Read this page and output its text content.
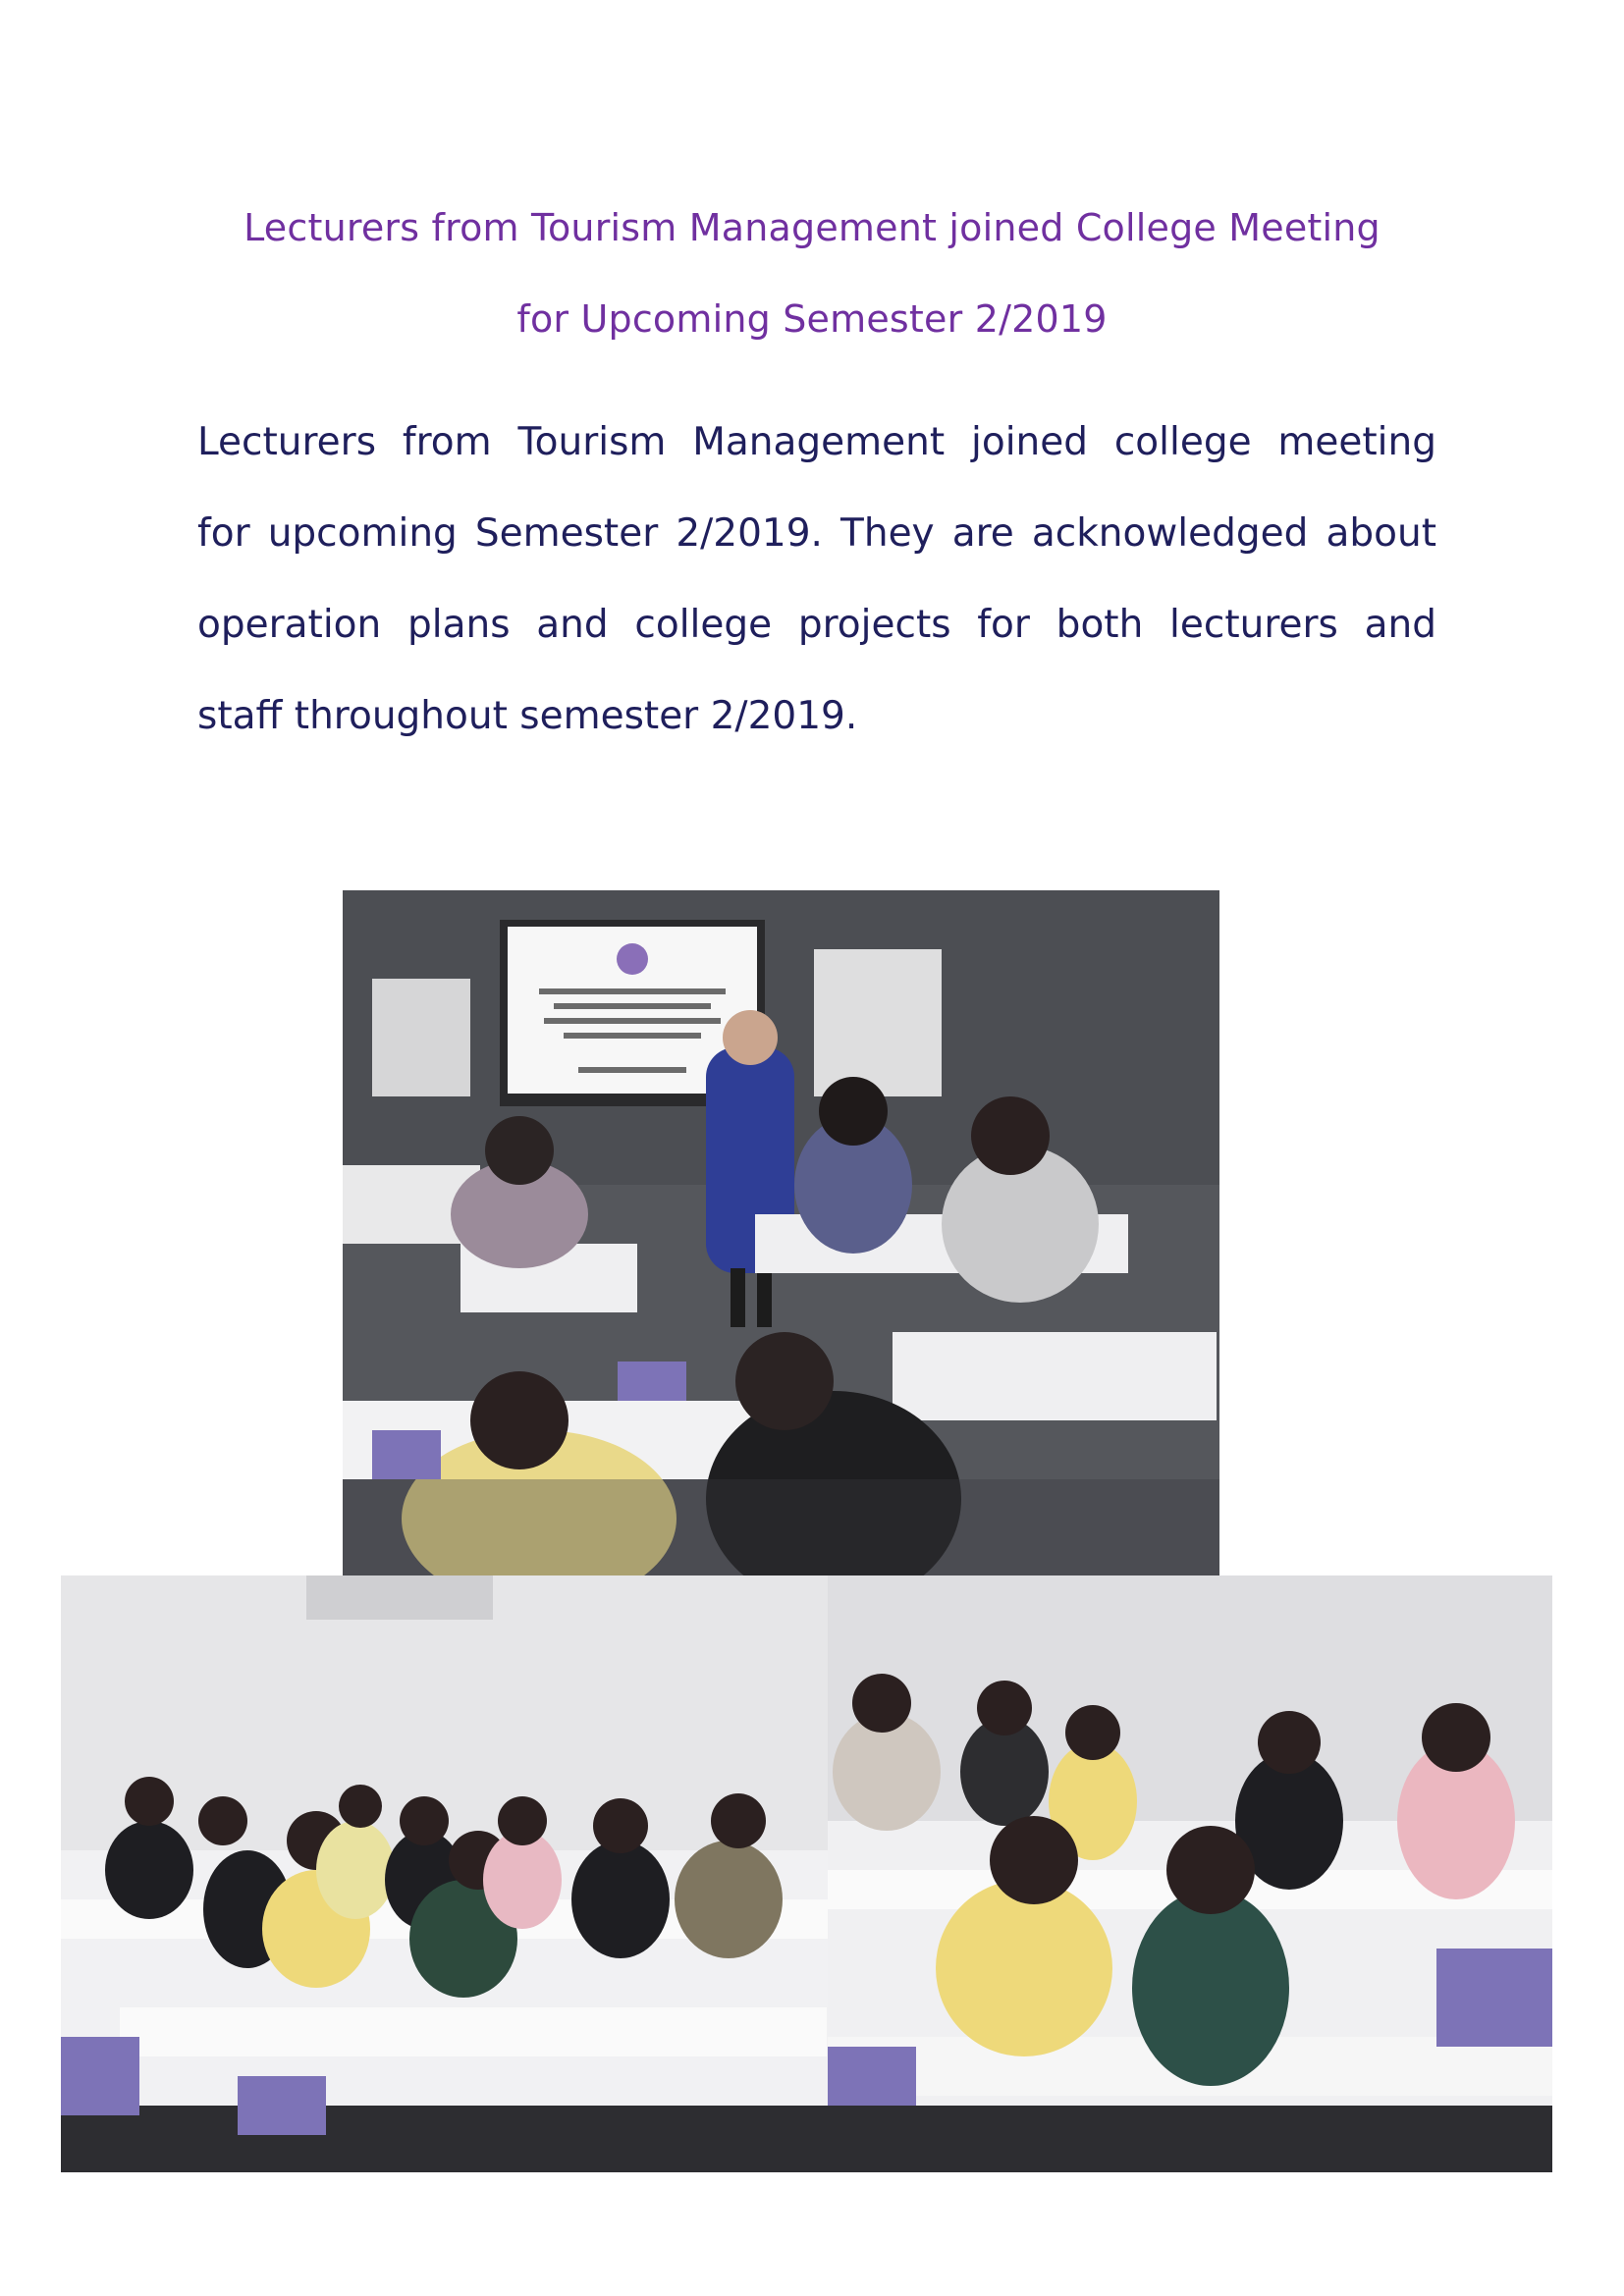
Lecturers from Tourism Management joined College Meeting
for Upcoming Semester 2/2019
Lecturers from Tourism Management joined college meeting
for upcoming Semester 2/2019. They are acknowledged about
operation plans and college projects for both lecturers and
staff throughout semester 2/2019.
